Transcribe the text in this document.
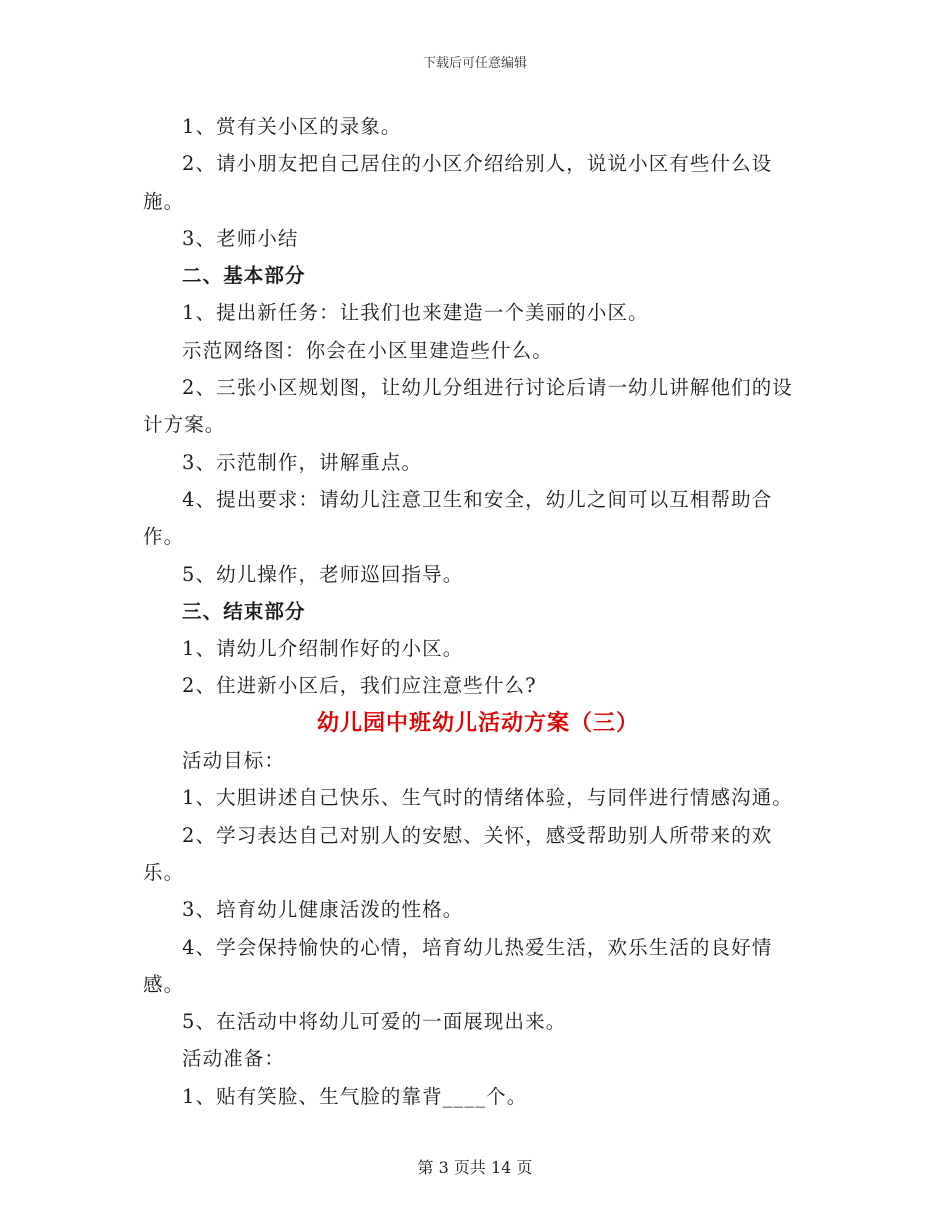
下载后可任意编辑

1、赏有关小区的录象。

2、请小朋友把自己居住的小区介绍给别人，说说小区有些什么设施。

3、老师小结

二、基本部分

1、提出新任务：让我们也来建造一个美丽的小区。

示范网络图：你会在小区里建造些什么。

2、三张小区规划图，让幼儿分组进行讨论后请一幼儿讲解他们的设计方案。

3、示范制作，讲解重点。

4、提出要求：请幼儿注意卫生和安全，幼儿之间可以互相帮助合作。

5、幼儿操作，老师巡回指导。

三、结束部分

1、请幼儿介绍制作好的小区。

2、住进新小区后，我们应注意些什么?

幼儿园中班幼儿活动方案（三）

活动目标：

1、大胆讲述自己快乐、生气时的情绪体验，与同伴进行情感沟通。

2、学习表达自己对别人的安慰、关怀，感受帮助别人所带来的欢乐。

3、培育幼儿健康活泼的性格。

4、学会保持愉快的心情，培育幼儿热爱生活，欢乐生活的良好情感。

5、在活动中将幼儿可爱的一面展现出来。

活动准备：

1、贴有笑脸、生气脸的靠背____个。

第 3 页共 14 页
